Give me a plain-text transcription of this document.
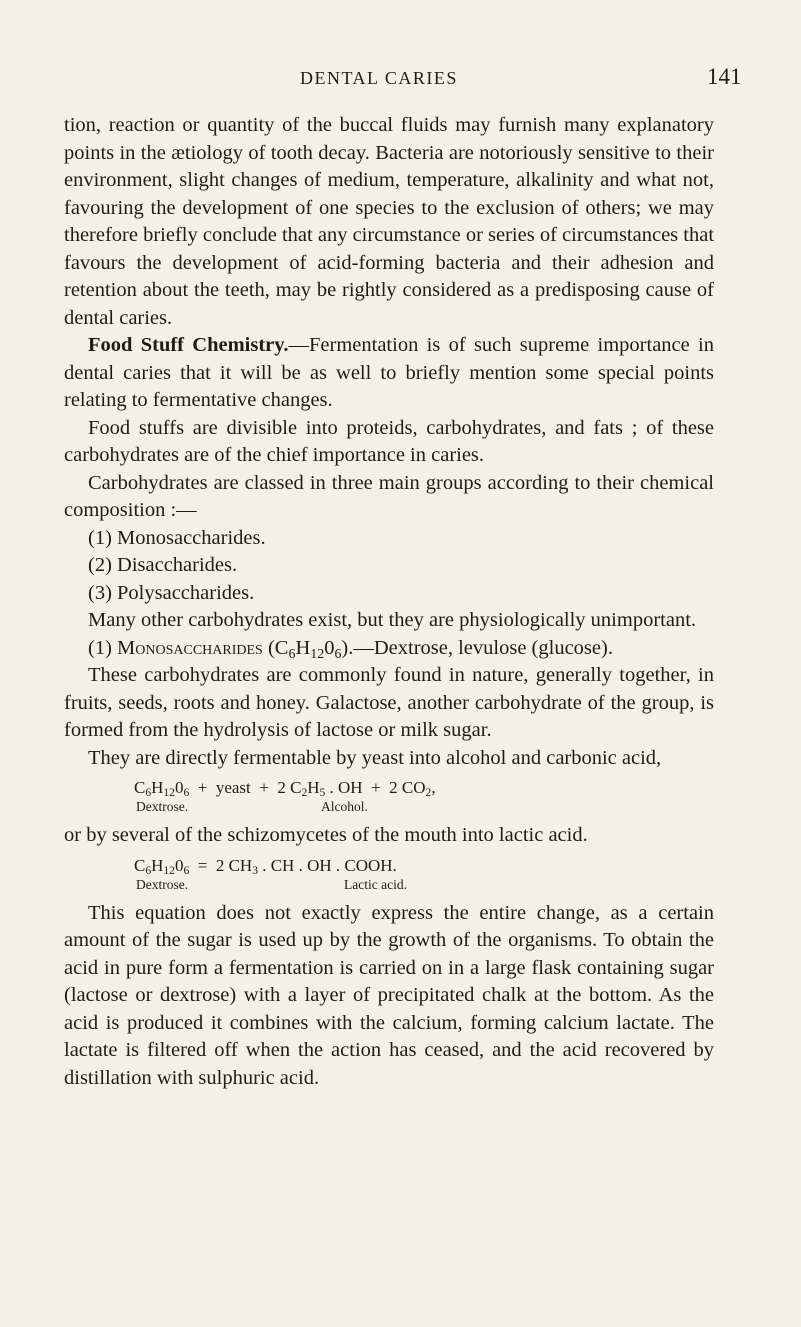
DENTAL CARIES	141

tion, reaction or quantity of the buccal fluids may furnish many explanatory points in the ætiology of tooth decay. Bacteria are notoriously sensitive to their environment, slight changes of medium, temperature, alkalinity and what not, favouring the development of one species to the exclusion of others; we may therefore briefly conclude that any circumstance or series of circumstances that favours the development of acid-forming bacteria and their adhesion and retention about the teeth, may be rightly considered as a predisposing cause of dental caries.

Food Stuff Chemistry.—Fermentation is of such supreme importance in dental caries that it will be as well to briefly mention some special points relating to fermentative changes.

Food stuffs are divisible into proteids, carbohydrates, and fats ; of these carbohydrates are of the chief importance in caries.

Carbohydrates are classed in three main groups according to their chemical composition :—

(1) Monosaccharides.

(2) Disaccharides.

(3) Polysaccharides.

Many other carbohydrates exist, but they are physiologically unimportant.

(1) Monosaccharides $(C_6H_{12}0_6).—Dextrose$, levulose (glucose).

These carbohydrates are commonly found in nature, generally together, in fruits, seeds, roots and honey. Galactose, another carbohydrate of the group, is formed from the hydrolysis of lactose or milk sugar.

They are directly fermentable by yeast into alcohol and carbonic acid,

$C_6H_{12}0_6$  +  yeast  +  2 $C_2H_5$ . OH  +  2 $CO_2$,
Dextrose.	Alcohol.

or by several of the schizomycetes of the mouth into lactic acid.

$C_6H_{12}0_6 = 2$ $CH_3$ . CH . OH . COOH.
Dextrose.	Lactic acid.

This equation does not exactly express the entire change, as a certain amount of the sugar is used up by the growth of the organisms. To obtain the acid in pure form a fermentation is carried on in a large flask containing sugar (lactose or dextrose) with a layer of precipitated chalk at the bottom. As the acid is produced it combines with the calcium, forming calcium lactate. The lactate is filtered off when the action has ceased, and the acid recovered by distillation with sulphuric acid.
